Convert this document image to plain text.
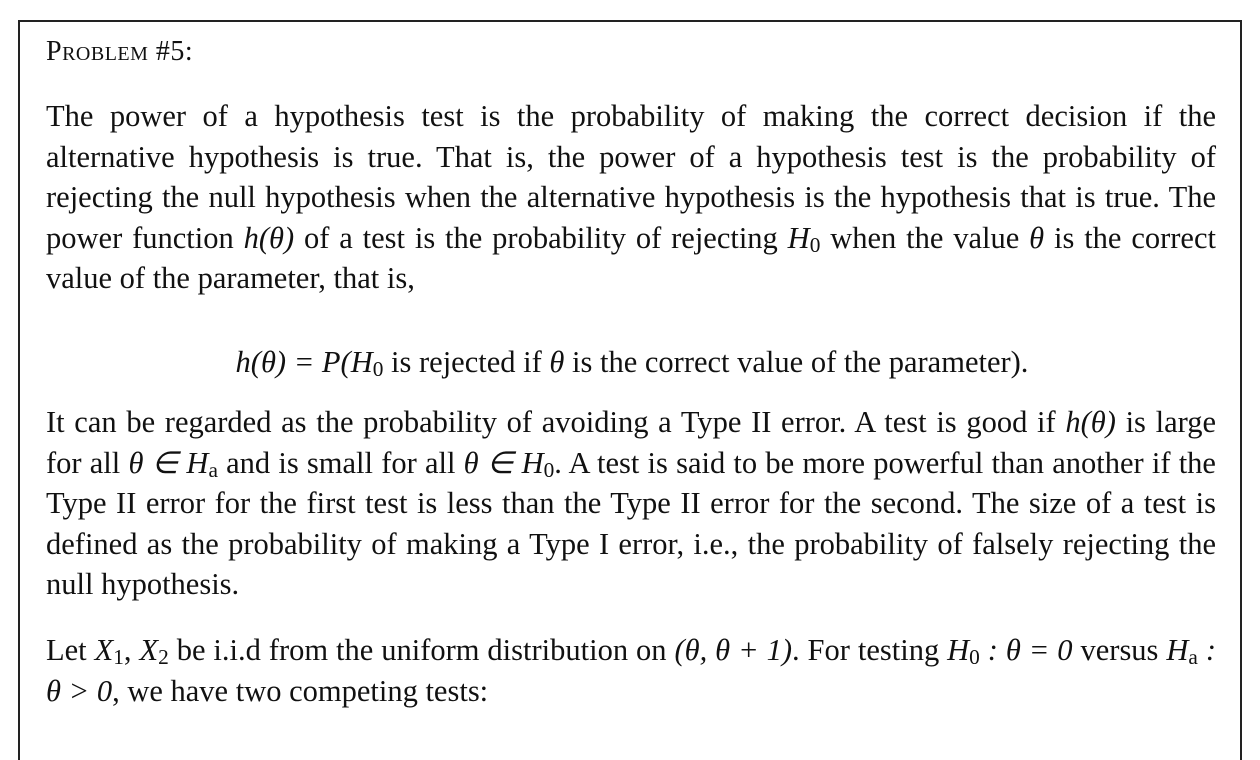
Problem #5:
The power of a hypothesis test is the probability of making the correct decision if the alternative hypothesis is true. That is, the power of a hypothesis test is the probability of rejecting the null hypothesis when the alternative hypothesis is the hypothesis that is true. The power function h(θ) of a test is the probability of rejecting $H_0$ when the value θ is the correct value of the parameter, that is,
$h(\theta) = P(H_0$ is rejected if θ is the correct value of the parameter).
It can be regarded as the probability of avoiding a Type II error. A test is good if h(θ) is large for all θ ∈ $H_a$ and is small for all θ ∈ $H_0$. A test is said to be more powerful than another if the Type II error for the first test is less than the Type II error for the second. The size of a test is defined as the probability of making a Type I error, i.e., the probability of falsely rejecting the null hypothesis.
Let $X_1$, $X_2$ be i.i.d from the uniform distribution on (θ, θ + 1). For testing $H_0$ : θ = 0 versus $H_a$ : θ > 0, we have two competing tests:
